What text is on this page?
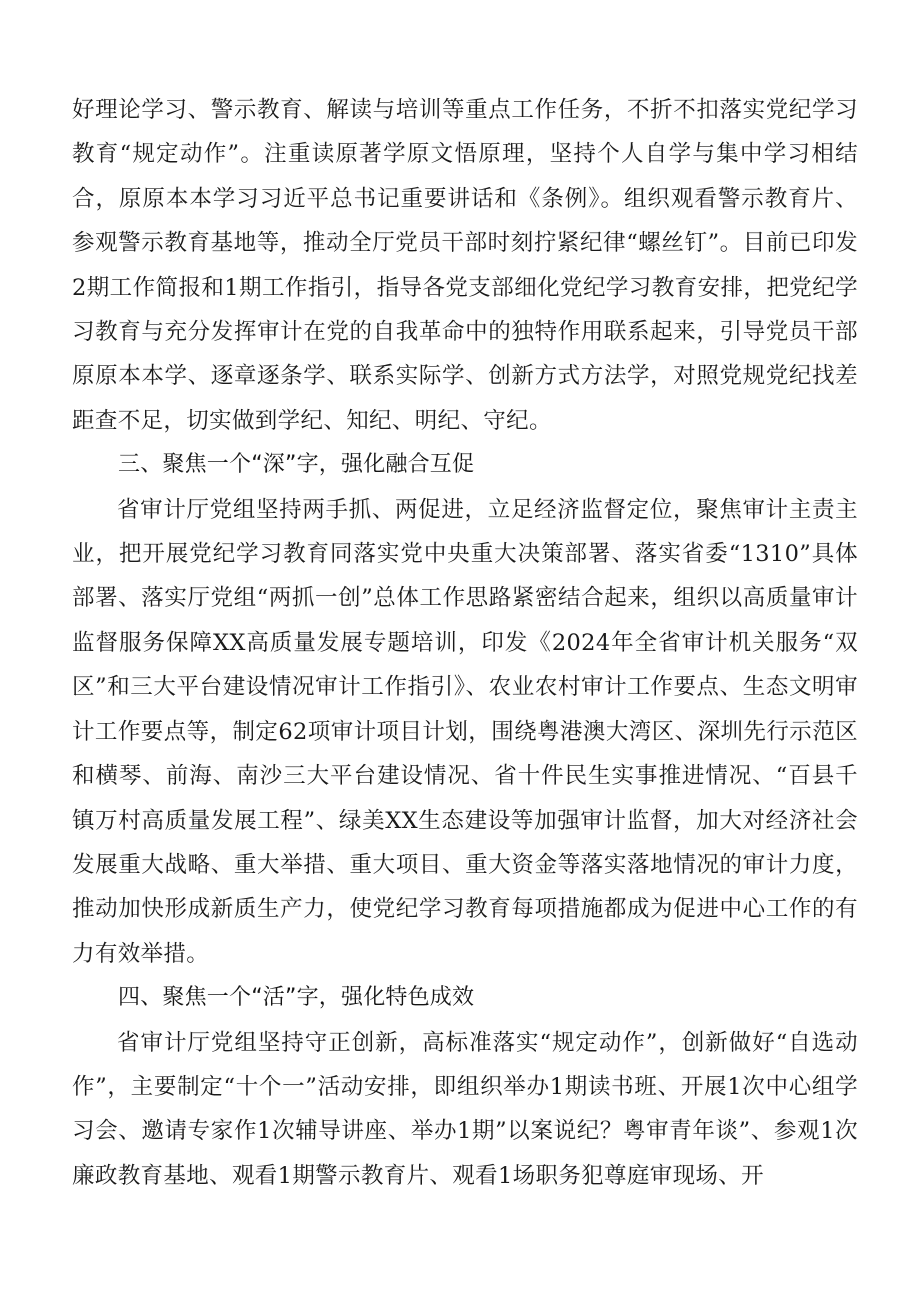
好理论学习、警示教育、解读与培训等重点工作任务，不折不扣落实党纪学习教育“规定动作”。注重读原著学原文悟原理，坚持个人自学与集中学习相结合，原原本本学习习近平总书记重要讲话和《条例》。组织观看警示教育片、参观警示教育基地等，推动全厅党员干部时刻拧紧纪律“螺丝钉”。目前已印发2期工作简报和1期工作指引，指导各党支部细化党纪学习教育安排，把党纪学习教育与充分发挥审计在党的自我革命中的独特作用联系起来，引导党员干部原原本本学、逐章逐条学、联系实际学、创新方式方法学，对照党规党纪找差距查不足，切实做到学纪、知纪、明纪、守纪。

三、聚焦一个“深”字，强化融合互促

省审计厅党组坚持两手抓、两促进，立足经济监督定位，聚焦审计主责主业，把开展党纪学习教育同落实党中央重大决策部署、落实省委“1310”具体部署、落实厅党组“两抓一创”总体工作思路紧密结合起来，组织以高质量审计监督服务保障XX高质量发展专题培训，印发《2024年全省审计机关服务“双区”和三大平台建设情况审计工作指引》、农业农村审计工作要点、生态文明审计工作要点等，制定62项审计项目计划，围绕粤港澳大湾区、深圳先行示范区和横琴、前海、南沙三大平台建设情况、省十件民生实事推进情况、“百县千镇万村高质量发展工程”、绿美XX生态建设等加强审计监督，加大对经济社会发展重大战略、重大举措、重大项目、重大资金等落实落地情况的审计力度，推动加快形成新质生产力，使党纪学习教育每项措施都成为促进中心工作的有力有效举措。

四、聚焦一个“活”字，强化特色成效

省审计厅党组坚持守正创新，高标准落实“规定动作”，创新做好“自选动作”，主要制定“十个一”活动安排，即组织举办1期读书班、开展1次中心组学习会、邀请专家作1次辅导讲座、举办1期”以案说纪？粤审青年谈”、参观1次廉政教育基地、观看1期警示教育片、观看1场职务犯尊庭审现场、开
